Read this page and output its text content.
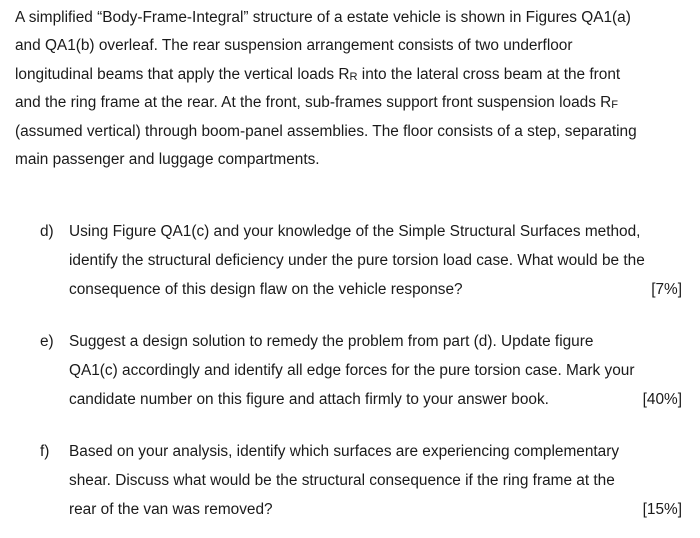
A simplified “Body-Frame-Integral” structure of a estate vehicle is shown in Figures QA1(a)
and QA1(b) overleaf. The rear suspension arrangement consists of two underfloor
longitudinal beams that apply the vertical loads RR into the lateral cross beam at the front
and the ring frame at the rear. At the front, sub-frames support front suspension loads RF
(assumed vertical) through boom-panel assemblies. The floor consists of a step, separating
main passenger and luggage compartments.
d) Using Figure QA1(c) and your knowledge of the Simple Structural Surfaces method,
identify the structural deficiency under the pure torsion load case. What would be the
consequence of this design flaw on the vehicle response?	[7%]
e) Suggest a design solution to remedy the problem from part (d). Update figure
QA1(c) accordingly and identify all edge forces for the pure torsion case. Mark your
candidate number on this figure and attach firmly to your answer book.	[40%]
f) Based on your analysis, identify which surfaces are experiencing complementary
shear. Discuss what would be the structural consequence if the ring frame at the
rear of the van was removed?	[15%]
